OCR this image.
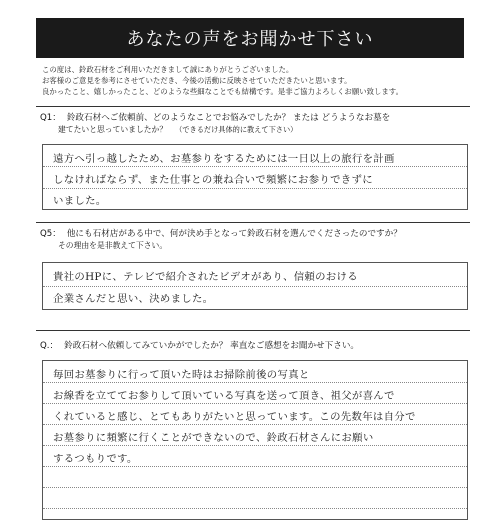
あなたの声をお聞かせ下さい
この度は、鈴政石材をご利用いただきまして誠にありがとうございました。
お客様のご意見を参考にさせていただき、今後の活動に反映させていただきたいと思います。
良かったこと、嬉しかったこと、どのような些細なことでも結構です。是非ご協力よろしくお願い致します。
Q1： 鈴政石材へご依頼前、どのようなことでお悩みでしたか？ または どうようなお墓を
建てたいと思っていましたか？ （できるだけ具体的に教えて下さい）
遠方へ引っ越したため、お墓参りをするためには一日以上の旅行を計画
しなければならず、また仕事との兼ね合いで頻繁にお参りできずに
いました。
Q5： 他にも石材店がある中で、何が決め手となって鈴政石材を選んでくださったのですか？
その理由を是非教えて下さい。
貴社のHPに、テレビで紹介されたビデオがあり、信頼のおける
企業さんだと思い、決めました。
Q.： 鈴政石材へ依頼してみていかがでしたか？ 率直なご感想をお聞かせ下さい。
毎回お墓参りに行って頂いた時はお掃除前後の写真と
お線香を立ててお参りして頂いている写真を送って頂き、祖父が喜んで
くれていると感じ、とてもありがたいと思っています。この先数年は自分で
お墓参りに頻繁に行くことができないので、鈴政石材さんにお願い
するつもりです。
